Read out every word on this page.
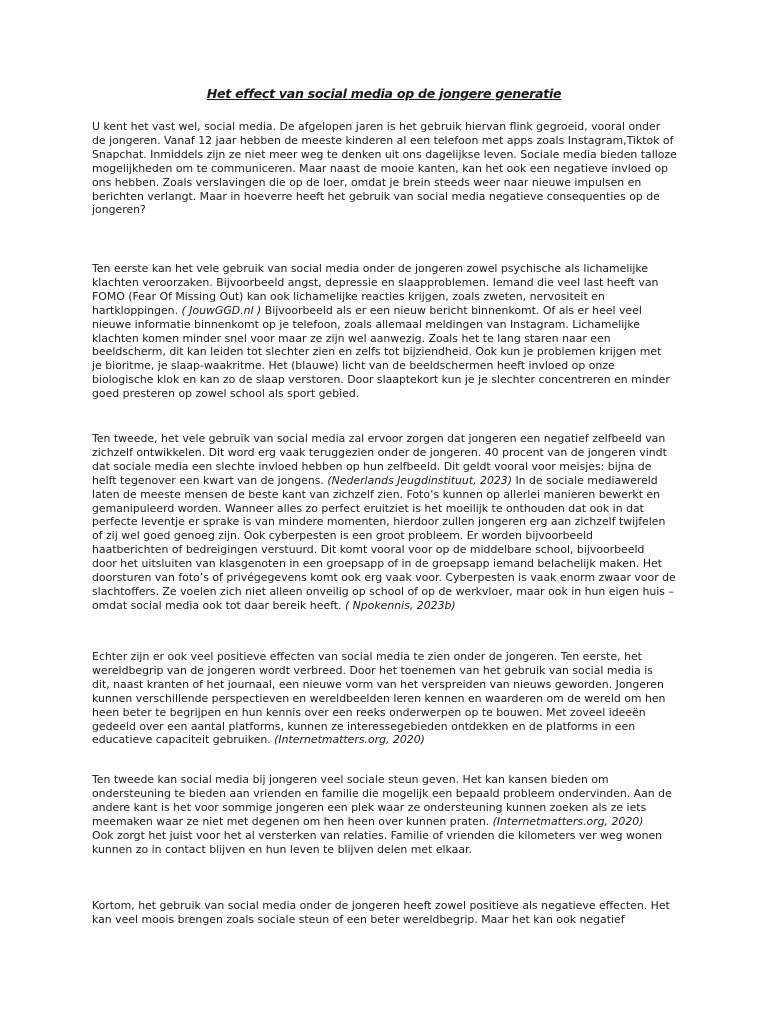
Het effect van social media op de jongere generatie
U kent het vast wel, social media. De afgelopen jaren is het gebruik hiervan flink gegroeid, vooral onder
de jongeren. Vanaf 12 jaar hebben de meeste kinderen al een telefoon met apps zoals Instagram,Tiktok of
Snapchat. Inmiddels zijn ze niet meer weg te denken uit ons dagelijkse leven. Sociale media bieden talloze
mogelijkheden om te communiceren. Maar naast de mooie kanten, kan het ook een negatieve invloed op
ons hebben. Zoals verslavingen die op de loer, omdat je brein steeds weer naar nieuwe impulsen en
berichten verlangt. Maar in hoeverre heeft het gebruik van social media negatieve consequenties op de
jongeren?
Ten eerste kan het vele gebruik van social media onder de jongeren zowel psychische als lichamelijke
klachten veroorzaken. Bijvoorbeeld angst, depressie en slaapproblemen. Iemand die veel last heeft van
FOMO (Fear Of Missing Out) kan ook lichamelijke reacties krijgen, zoals zweten, nervositeit en
hartkloppingen. ( JouwGGD.nl ) Bijvoorbeeld als er een nieuw bericht binnenkomt. Of als er heel veel
nieuwe informatie binnenkomt op je telefoon, zoals allemaal meldingen van Instagram. Lichamelijke
klachten komen minder snel voor maar ze zijn wel aanwezig. Zoals het te lang staren naar een
beeldscherm, dit kan leiden tot slechter zien en zelfs tot bijziendheid. Ook kun je problemen krijgen met
je bioritme, je slaap-waakritme. Het (blauwe) licht van de beeldschermen heeft invloed op onze
biologische klok en kan zo de slaap verstoren. Door slaaptekort kun je je slechter concentreren en minder
goed presteren op zowel school als sport gebied.
Ten tweede, het vele gebruik van social media zal ervoor zorgen dat jongeren een negatief zelfbeeld van
zichzelf ontwikkelen. Dit word erg vaak teruggezien onder de jongeren. 40 procent van de jongeren vindt
dat sociale media een slechte invloed hebben op hun zelfbeeld. Dit geldt vooral voor meisjes: bijna de
helft tegenover een kwart van de jongens. (Nederlands Jeugdinstituut, 2023) In de sociale mediawereld
laten de meeste mensen de beste kant van zichzelf zien. Foto’s kunnen op allerlei manieren bewerkt en
gemanipuleerd worden. Wanneer alles zo perfect eruitziet is het moeilijk te onthouden dat ook in dat
perfecte leventje er sprake is van mindere momenten, hierdoor zullen jongeren erg aan zichzelf twijfelen
of zij wel goed genoeg zijn. Ook cyberpesten is een groot probleem. Er worden bijvoorbeeld
haatberichten of bedreigingen verstuurd. Dit komt vooral voor op de middelbare school, bijvoorbeeld
door het uitsluiten van klasgenoten in een groepsapp of in de groepsapp iemand belachelijk maken. Het
doorsturen van foto’s of privégegevens komt ook erg vaak voor. Cyberpesten is vaak enorm zwaar voor de
slachtoffers. Ze voelen zich niet alleen onveilig op school of op de werkvloer, maar ook in hun eigen huis –
omdat social media ook tot daar bereik heeft. ( Npokennis, 2023b)
Echter zijn er ook veel positieve effecten van social media te zien onder de jongeren. Ten eerste, het
wereldbegrip van de jongeren wordt verbreed. Door het toenemen van het gebruik van social media is
dit, naast kranten of het journaal, een nieuwe vorm van het verspreiden van nieuws geworden. Jongeren
kunnen verschillende perspectieven en wereldbeelden leren kennen en waarderen om de wereld om hen
heen beter te begrijpen en hun kennis over een reeks onderwerpen op te bouwen. Met zoveel ideeën
gedeeld over een aantal platforms, kunnen ze interessegebieden ontdekken en de platforms in een
educatieve capaciteit gebruiken. (Internetmatters.org, 2020)
Ten tweede kan social media bij jongeren veel sociale steun geven. Het kan kansen bieden om
ondersteuning te bieden aan vrienden en familie die mogelijk een bepaald probleem ondervinden. Aan de
andere kant is het voor sommige jongeren een plek waar ze ondersteuning kunnen zoeken als ze iets
meemaken waar ze niet met degenen om hen heen over kunnen praten. (Internetmatters.org, 2020)
Ook zorgt het juist voor het al versterken van relaties. Familie of vrienden die kilometers ver weg wonen
kunnen zo in contact blijven en hun leven te blijven delen met elkaar.
Kortom, het gebruik van social media onder de jongeren heeft zowel positieve als negatieve effecten. Het
kan veel moois brengen zoals sociale steun of een beter wereldbegrip. Maar het kan ook negatief
